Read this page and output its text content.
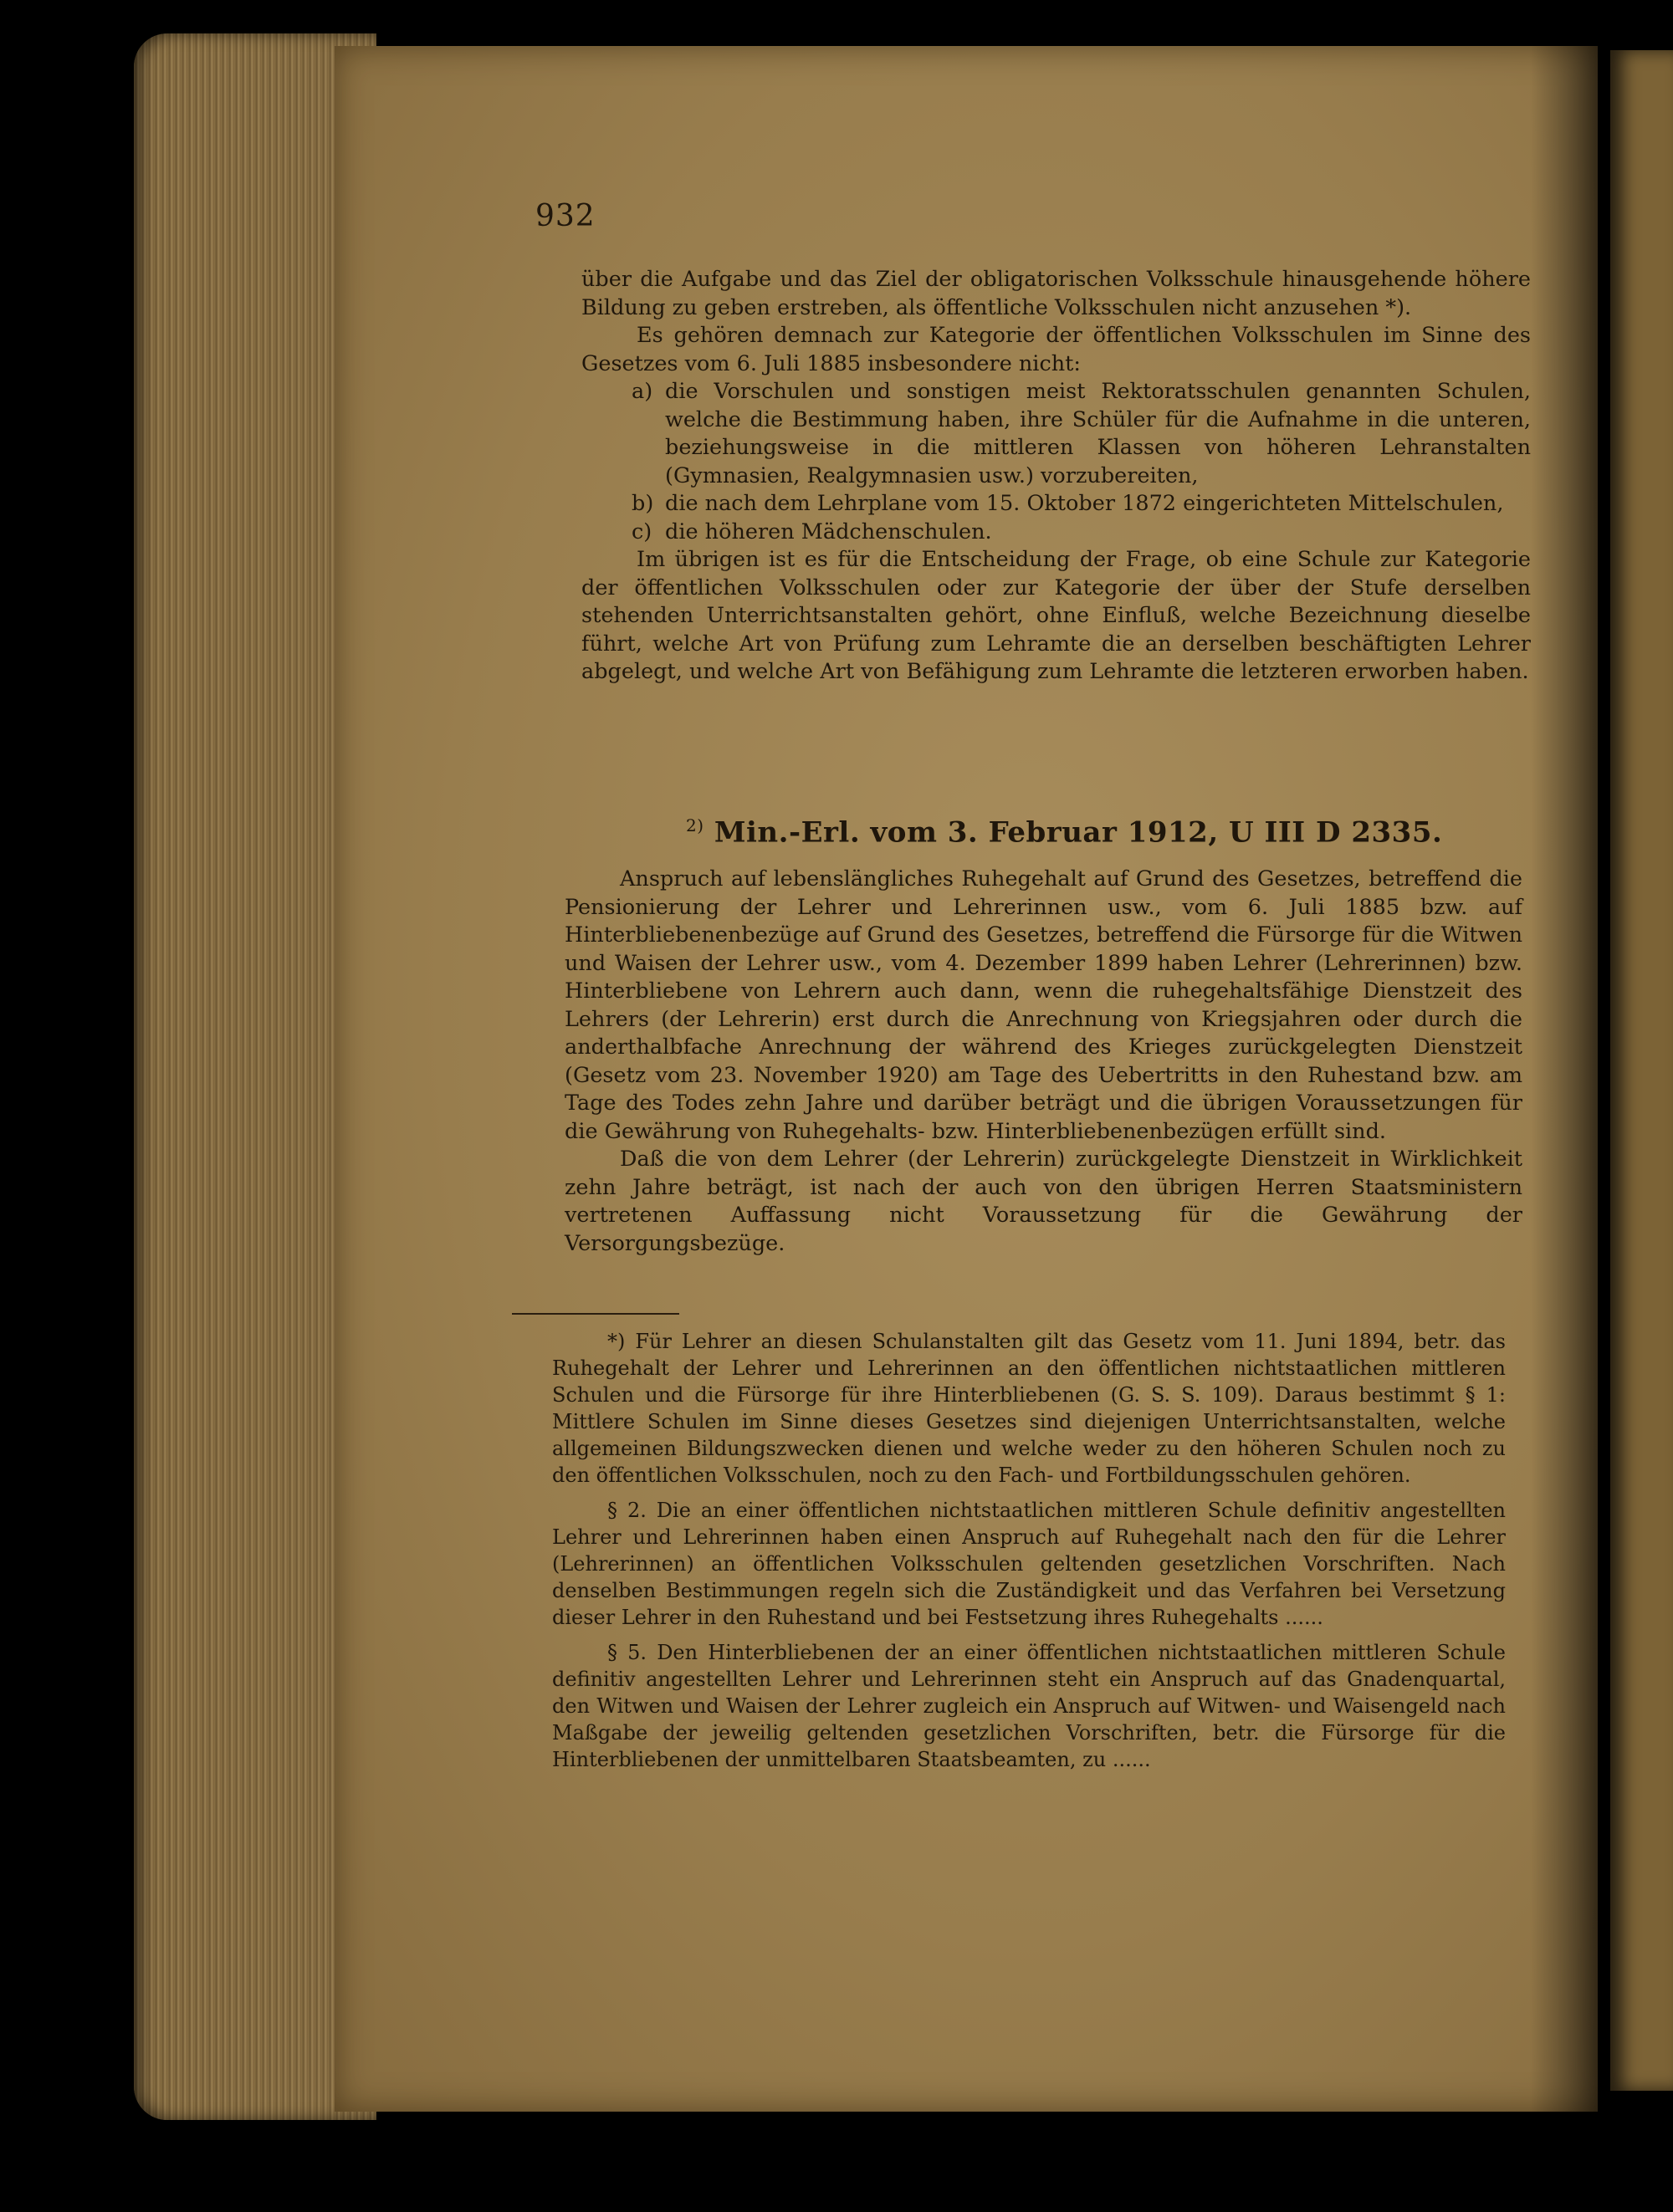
932

über die Aufgabe und das Ziel der obligatorischen Volksschule hinausgehende höhere Bildung zu geben erstreben, als öffentliche Volksschulen nicht anzusehen *).

Es gehören demnach zur Kategorie der öffentlichen Volksschulen im Sinne des Gesetzes vom 6. Juli 1885 insbesondere nicht:

a) die Vorschulen und sonstigen meist Rektoratsschulen genannten Schulen, welche die Bestimmung haben, ihre Schüler für die Aufnahme in die unteren, beziehungsweise in die mittleren Klassen von höheren Lehranstalten (Gymnasien, Realgymnasien usw.) vorzubereiten,
b) die nach dem Lehrplane vom 15. Oktober 1872 eingerichteten Mittelschulen,
c) die höheren Mädchenschulen.

Im übrigen ist es für die Entscheidung der Frage, ob eine Schule zur Kategorie der öffentlichen Volksschulen oder zur Kategorie der über der Stufe derselben stehenden Unterrichtsanstalten gehört, ohne Einfluß, welche Bezeichnung dieselbe führt, welche Art von Prüfung zum Lehramte die an derselben beschäftigten Lehrer abgelegt, und welche Art von Befähigung zum Lehramte die letzteren erworben haben.

$^{2)}$ Min.-Erl. vom 3. Februar 1912, U III D 2335.

Anspruch auf lebenslängliches Ruhegehalt auf Grund des Gesetzes, betreffend die Pensionierung der Lehrer und Lehrerinnen usw., vom 6. Juli 1885 bzw. auf Hinterbliebenenbezüge auf Grund des Gesetzes, betreffend die Fürsorge für die Witwen und Waisen der Lehrer usw., vom 4. Dezember 1899 haben Lehrer (Lehrerinnen) bzw. Hinterbliebene von Lehrern auch dann, wenn die ruhegehaltsfähige Dienstzeit des Lehrers (der Lehrerin) erst durch die Anrechnung von Kriegsjahren oder durch die anderthalbfache Anrechnung der während des Krieges zurückgelegten Dienstzeit (Gesetz vom 23. November 1920) am Tage des Uebertritts in den Ruhestand bzw. am Tage des Todes zehn Jahre und darüber beträgt und die übrigen Voraussetzungen für die Gewährung von Ruhegehalts- bzw. Hinterbliebenenbezügen erfüllt sind.

Daß die von dem Lehrer (der Lehrerin) zurückgelegte Dienstzeit in Wirklichkeit zehn Jahre beträgt, ist nach der auch von den übrigen Herren Staatsministern vertretenen Auffassung nicht Voraussetzung für die Gewährung der Versorgungsbezüge.

*) Für Lehrer an diesen Schulanstalten gilt das Gesetz vom 11. Juni 1894, betr. das Ruhegehalt der Lehrer und Lehrerinnen an den öffentlichen nichtstaatlichen mittleren Schulen und die Fürsorge für ihre Hinterbliebenen (G. S. S. 109). Daraus bestimmt § 1: Mittlere Schulen im Sinne dieses Gesetzes sind diejenigen Unterrichtsanstalten, welche allgemeinen Bildungszwecken dienen und welche weder zu den höheren Schulen noch zu den öffentlichen Volksschulen, noch zu den Fach- und Fortbildungsschulen gehören.

§ 2. Die an einer öffentlichen nichtstaatlichen mittleren Schule definitiv angestellten Lehrer und Lehrerinnen haben einen Anspruch auf Ruhegehalt nach den für die Lehrer (Lehrerinnen) an öffentlichen Volksschulen geltenden gesetzlichen Vorschriften. Nach denselben Bestimmungen regeln sich die Zuständigkeit und das Verfahren bei Versetzung dieser Lehrer in den Ruhestand und bei Festsetzung ihres Ruhegehalts ......

§ 5. Den Hinterbliebenen der an einer öffentlichen nichtstaatlichen mittleren Schule definitiv angestellten Lehrer und Lehrerinnen steht ein Anspruch auf das Gnadenquartal, den Witwen und Waisen der Lehrer zugleich ein Anspruch auf Witwen- und Waisengeld nach Maßgabe der jeweilig geltenden gesetzlichen Vorschriften, betr. die Fürsorge für die Hinterbliebenen der unmittelbaren Staatsbeamten, zu ......
